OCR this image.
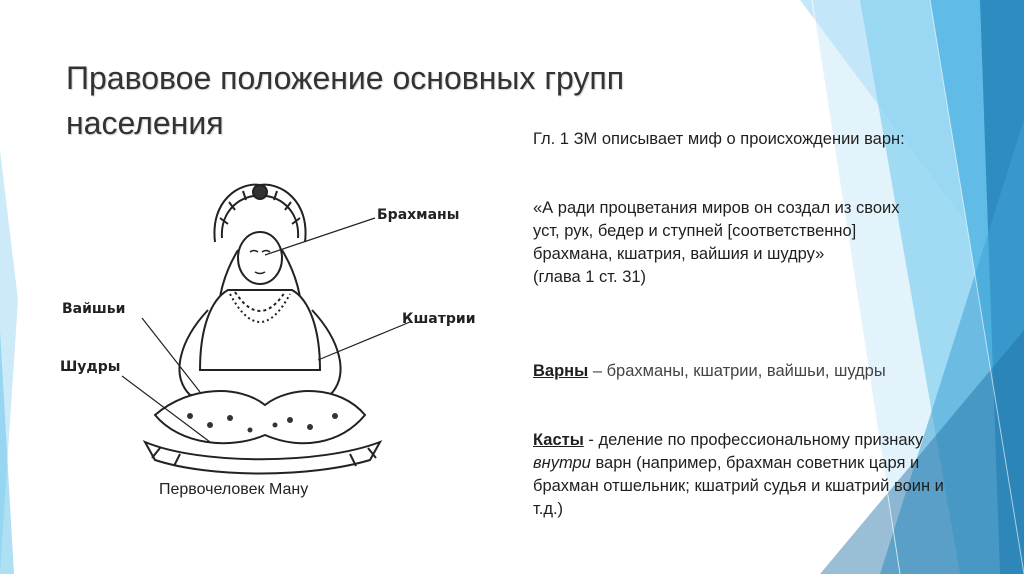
Правовое положение основных групп населения	Гл. 1 ЗМ описывает миф о происхождении варн:

«А ради процветания миров он создал из своих
уст, рук, бедер и ступней [соответственно]
брахмана, кшатрия, вайшия и шудру»
(глава 1 ст. 31)

Варны – брахманы, кшатрии, вайшьи, шудры

Касты - деление по профессиональному признаку
внутри варн (например, брахман советник царя и брахман отшельник; кшатрий судья и кшатрий воин и т.д.)

Брахманы
Кшатрии
Вайшьи
Шудры
Первочеловек Ману
